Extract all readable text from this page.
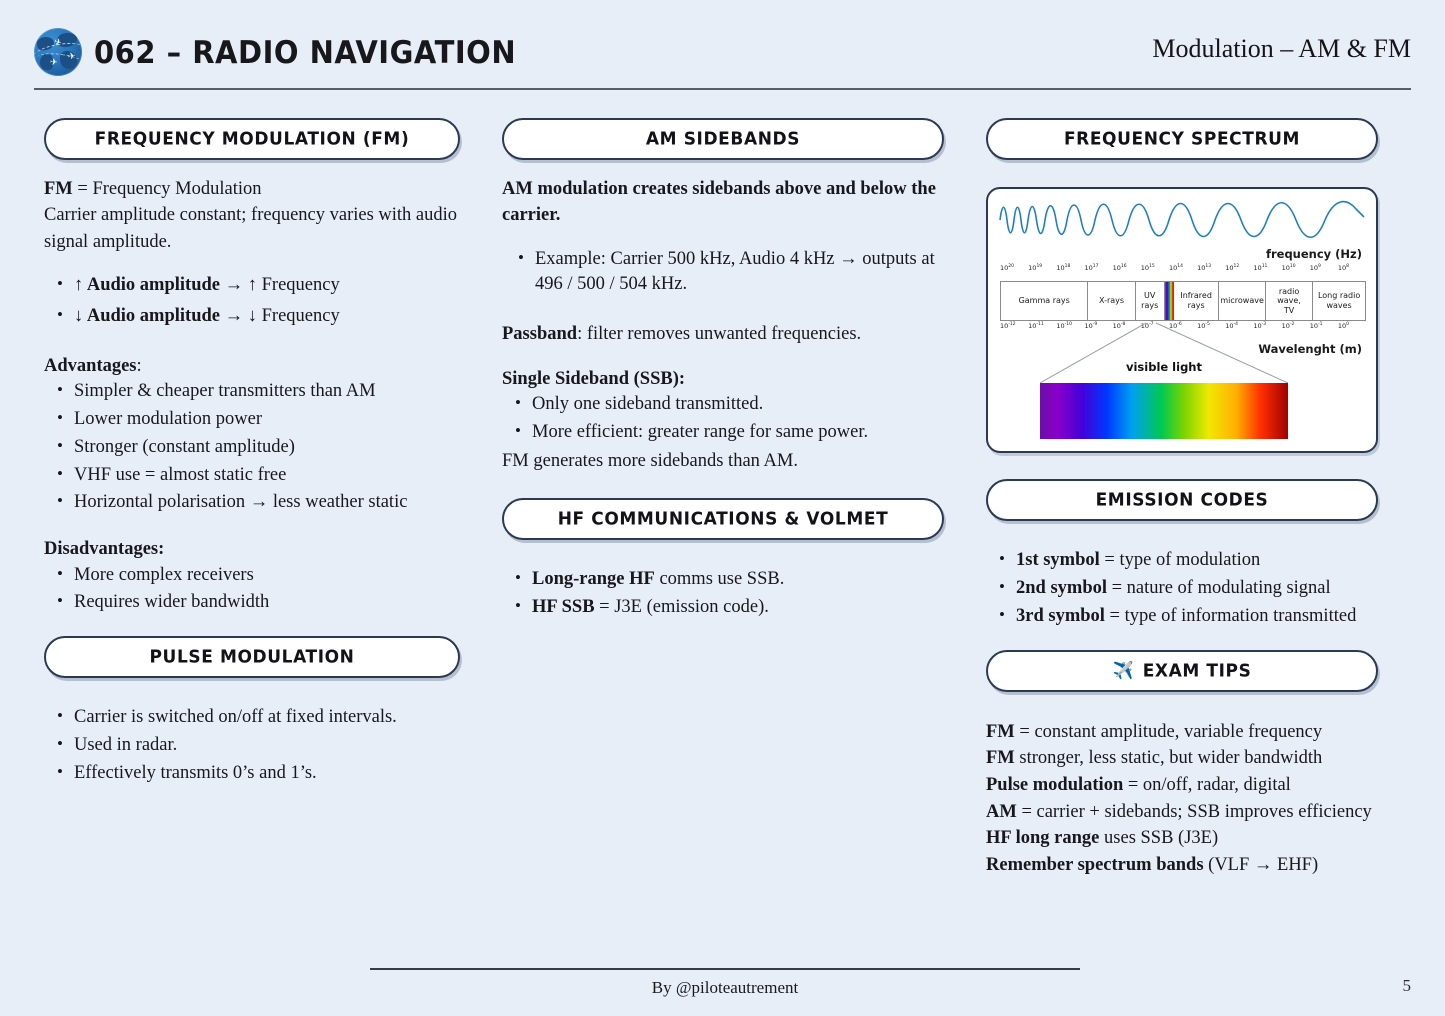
✈
✈
✈ 062 – RADIO NAVIGATION	Modulation – AM & FM
FREQUENCY MODULATION (FM)
FM = Frequency Modulation
Carrier amplitude constant; frequency varies with audio signal amplitude.
• ↑ Audio amplitude → ↑ Frequency
• ↓ Audio amplitude → ↓ Frequency
Advantages:
• Simpler & cheaper transmitters than AM
• Lower modulation power
• Stronger (constant amplitude)
• VHF use = almost static free
• Horizontal polarisation → less weather static
Disadvantages:
• More complex receivers
• Requires wider bandwidth
PULSE MODULATION
• Carrier is switched on/off at fixed intervals.
• Used in radar.
• Effectively transmits 0’s and 1’s.
AM SIDEBANDS
AM modulation creates sidebands above and below the carrier.
• Example: Carrier 500 kHz, Audio 4 kHz → outputs at 496 / 500 / 504 kHz.
Passband: filter removes unwanted frequencies.
Single Sideband (SSB):
• Only one sideband transmitted.
• More efficient: greater range for same power.
FM generates more sidebands than AM.
HF COMMUNICATIONS & VOLMET
• Long-range HF comms use SSB.
• HF SSB = J3E (emission code).
FREQUENCY SPECTRUM
frequency (Hz)
$10^{20}$	$10^{19}$	$10^{18}$	$10^{17}$	$10^{16}$	$10^{15}$	$10^{14}$	$10^{13}$	$10^{12}$	$10^{11}$	$10^{10}$	$10^9$	$10^8$
Gamma rays	X-rays
UV
rays
Infrared
rays
microwave
radio wave,
TV
Long radio
waves
$10^{-12}$	$10^{-11}$	$10^{-10}$	$10^{-9}$	$10^{-8}$	$10^{-7}$	$10^{-6}$	$10^{-5}$	$10^{-4}$	$10^{-3}$	$10^{-2}$	$10^{-1}$	$10^0$
Wavelenght (m)
visible light
EMISSION CODES
• 1st symbol = type of modulation
• 2nd symbol = nature of modulating signal
• 3rd symbol = type of information transmitted
✈️ EXAM TIPS
FM = constant amplitude, variable frequency
FM stronger, less static, but wider bandwidth
Pulse modulation = on/off, radar, digital
AM = carrier + sidebands; SSB improves efficiency
HF long range uses SSB (J3E)
Remember spectrum bands (VLF → EHF)
By @piloteautrement	5
